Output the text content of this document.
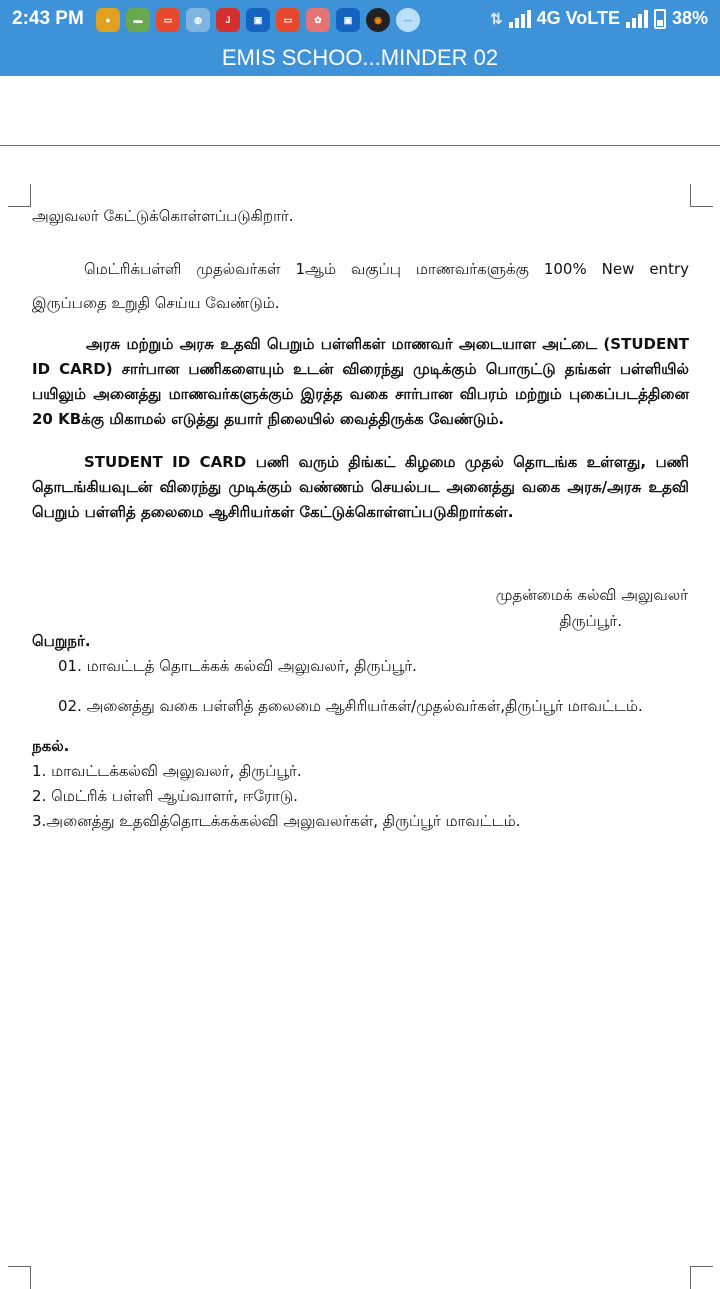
2:43 PM	●	▬	▭	◍	J	▣	▭	✿	▣	◉	⋯	⇅ 4G VoLTE	38%
EMIS SCHOO...MINDER 02
அலுவலர் கேட்டுக்கொள்ளப்படுகிறார்.
மெட்ரிக்பள்ளி முதல்வர்கள் 1ஆம் வகுப்பு மாணவர்களுக்கு 100% New entry இருப்பதை உறுதி செய்ய வேண்டும்.
அரசு மற்றும் அரசு உதவி பெறும் பள்ளிகள் மாணவர் அடையாள அட்டை (STUDENT ID CARD) சார்பான பணிகளையும் உடன் விரைந்து முடிக்கும் பொருட்டு தங்கள் பள்ளியில் பயிலும் அனைத்து மாணவர்களுக்கும் இரத்த வகை சார்பான விபரம் மற்றும் புகைப்படத்தினை 20 KBக்கு மிகாமல் எடுத்து தயார் நிலையில் வைத்திருக்க வேண்டும்.
STUDENT ID CARD பணி வரும் திங்கட் கிழமை முதல் தொடங்க உள்ளது, பணி தொடங்கியவுடன் விரைந்து முடிக்கும் வண்ணம் செயல்பட அனைத்து வகை அரசு/அரசு உதவி பெறும் பள்ளித் தலைமை ஆசிரியர்கள் கேட்டுக்கொள்ளப்படுகிறார்கள்.
முதன்மைக் கல்வி அலுவலர்
திருப்பூர்.
பெறுநர்.
01. மாவட்டத் தொடக்கக் கல்வி அலுவலர், திருப்பூர்.
02. அனைத்து வகை பள்ளித் தலைமை ஆசிரியர்கள்/முதல்வர்கள்,திருப்பூர் மாவட்டம்.
நகல்.
1. மாவட்டக்கல்வி அலுவலர், திருப்பூர்.
2. மெட்ரிக் பள்ளி ஆய்வாளர், ஈரோடு.
3.அனைத்து உதவித்தொடக்கக்கல்வி அலுவலர்கள், திருப்பூர் மாவட்டம்.
